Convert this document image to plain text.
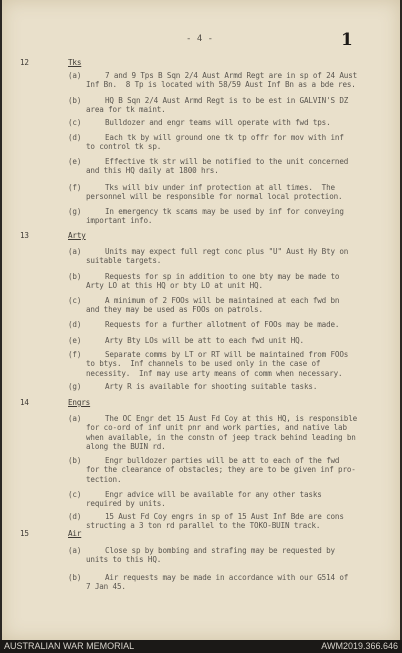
- 4 -	1
12	Tks
(a)	7 and 9 Tps B Sqn 2/4 Aust Armd Regt are in sp of 24 Aust
Inf Bn.  8 Tp is located with 58/59 Aust Inf Bn as a bde res.
(b)	HQ B Sqn 2/4 Aust Armd Regt is to be est in GALVIN'S DZ
area for tk maint.
(c)	Bulldozer and engr teams will operate with fwd tps.
(d)	Each tk by will ground one tk tp offr for mov with inf
to control tk sp.
(e)	Effective tk str will be notified to the unit concerned
and this HQ daily at 1800 hrs.
(f)	Tks will biv under inf protection at all times.  The
personnel will be responsible for normal local protection.
(g)	In emergency tk scams may be used by inf for conveying
important info.
13	Arty
(a)	Units may expect full regt conc plus "U" Aust Hy Bty on
suitable targets.
(b)	Requests for sp in addition to one bty may be made to
Arty LO at this HQ or bty LO at unit HQ.
(c)	A minimum of 2 FOOs will be maintained at each fwd bn
and they may be used as FOOs on patrols.
(d)	Requests for a further allotment of FOOs may be made.
(e)	Arty Bty LOs will be att to each fwd unit HQ.
(f)	Separate comms by LT or RT will be maintained from FOOs
to btys.  Inf channels to be used only in the case of
necessity.  Inf may use arty means of comm when necessary.
(g)	Arty R is available for shooting suitable tasks.
14	Engrs
(a)	The OC Engr det 15 Aust Fd Coy at this HQ, is responsible
for co-ord of inf unit pnr and work parties, and native lab
when available, in the constn of jeep track behind leading bn
along the BUIN rd.
(b)	Engr bulldozer parties will be att to each of the fwd
for the clearance of obstacles; they are to be given inf pro-
tection.
(c)	Engr advice will be available for any other tasks
required by units.
(d)	15 Aust Fd Coy engrs in sp of 15 Aust Inf Bde are cons
structing a 3 ton rd parallel to the TOKO-BUIN track.
15	Air
(a)	Close sp by bombing and strafing may be requested by
units to this HQ.
(b)	Air requests may be made in accordance with our G514 of
7 Jan 45.
AUSTRALIAN WAR MEMORIAL	AWM2019.366.646
